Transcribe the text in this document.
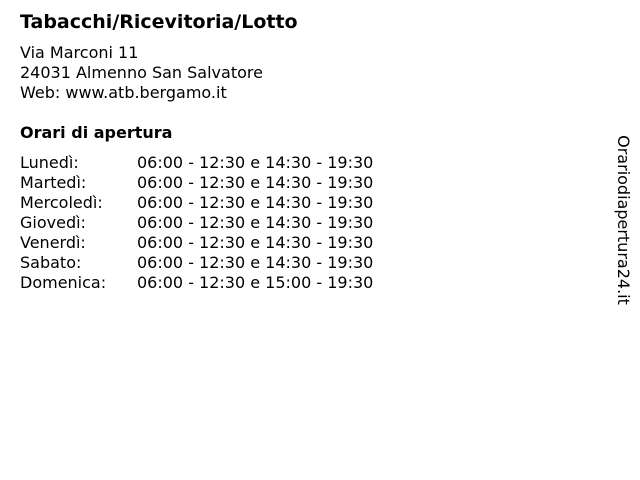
Tabacchi/Ricevitoria/Lotto
Via Marconi 11
24031 Almenno San Salvatore
Web: www.atb.bergamo.it
Orari di apertura
Lunedì:	06:00 - 12:30 e 14:30 - 19:30
Martedì:	06:00 - 12:30 e 14:30 - 19:30
Mercoledì: 06:00 - 12:30 e 14:30 - 19:30
Giovedì:	06:00 - 12:30 e 14:30 - 19:30
Venerdì:	06:00 - 12:30 e 14:30 - 19:30
Sabato:	06:00 - 12:30 e 14:30 - 19:30
Domenica: 06:00 - 12:30 e 15:00 - 19:30	Orariodiapertura24.it
